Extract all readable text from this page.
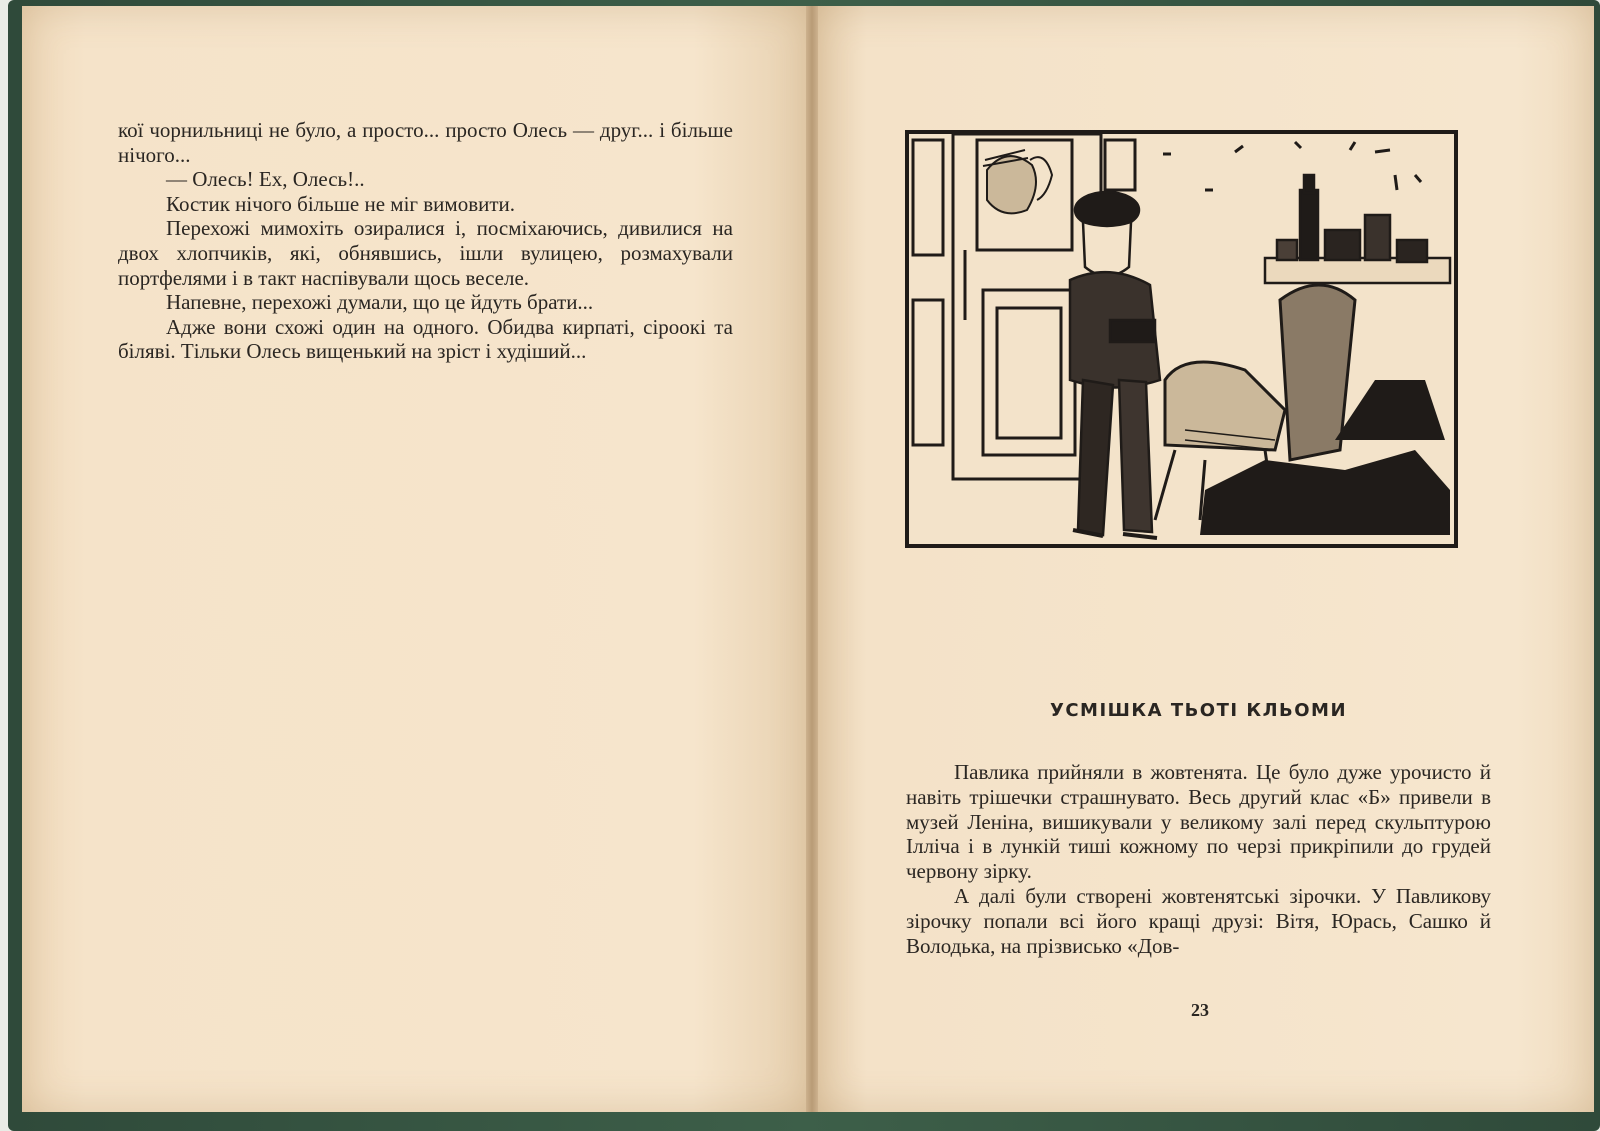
кої чорнильниці не було, а просто... просто Олесь — друг... і більше нічого...

— Олесь! Ех, Олесь!..

Костик нічого більше не міг вимовити.

Перехожі мимохіть озиралися і, посміхаючись, дивилися на двох хлопчиків, які, обнявшись, ішли вулицею, розмахували портфелями і в такт наспівували щось веселе.

Напевне, перехожі думали, що це йдуть брати...

Адже вони схожі один на одного. Обидва кирпаті, сіроокі та біляві. Тільки Олесь вищенький на зріст і худіший...

УСМІШКА ТЬОТІ КЛЬОМИ

Павлика прийняли в жовтенята. Це було дуже урочисто й навіть трішечки страшнувато. Весь другий клас «Б» привели в музей Леніна, вишикували у великому залі перед скульптурою Ілліча і в лункій тиші кожному по черзі прикріпили до грудей червону зірку.

А далі були створені жовтенятські зірочки. У Павликову зірочку попали всі його кращі друзі: Вітя, Юрась, Сашко й Володька, на прізвисько «Дов-

23
